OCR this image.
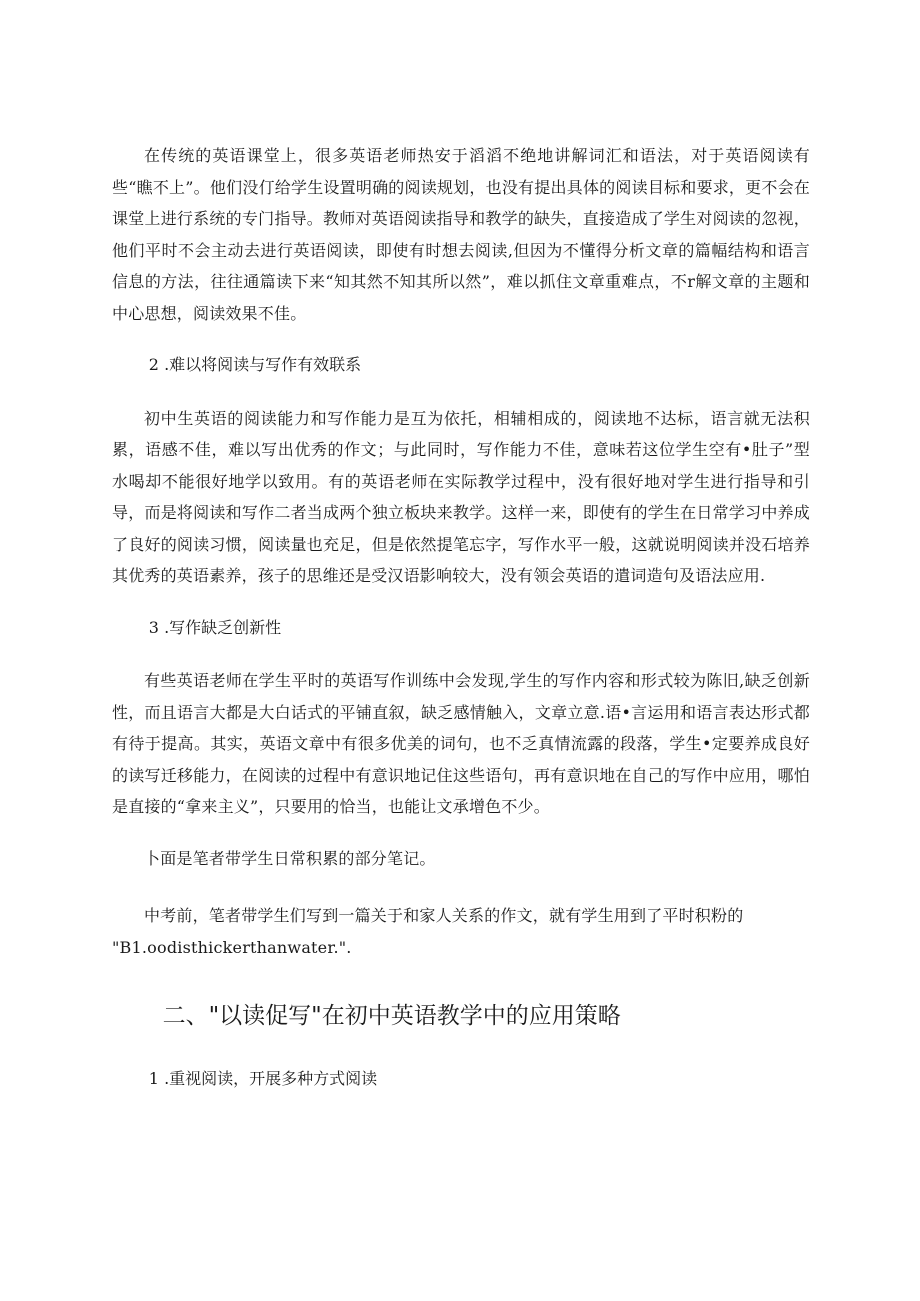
在传统的英语课堂上，很多英语老师热安于滔滔不绝地讲解词汇和语法，对于英语阅读有些“瞧不上”。他们没仃给学生设置明确的阅读规划，也没有提出具体的阅读目标和要求，更不会在课堂上进行系统的专门指导。教师对英语阅读指导和教学的缺失，直接造成了学生对阅读的忽视，他们平时不会主动去进行英语阅读，即使有时想去阅读,但因为不懂得分析文章的篇幅结构和语言信息的方法，往往通篇读下来“知其然不知其所以然”，难以抓住文章重难点，不r解文章的主题和中心思想，阅读效果不佳。

2 .难以将阅读与写作有效联系

初中生英语的阅读能力和写作能力是互为依托，相辅相成的，阅读地不达标，语言就无法积累，语感不佳，难以写出优秀的作文；与此同时，写作能力不佳，意味若这位学生空有•肚子”型水喝却不能很好地学以致用。有的英语老师在实际教学过程中，没有很好地对学生进行指导和引导，而是将阅读和写作二者当成两个独立板块来教学。这样一来，即使有的学生在日常学习中养成了良好的阅读习惯，阅读量也充足，但是依然提笔忘字，写作水平一般，这就说明阅读并没石培养其优秀的英语素养，孩子的思维还是受汉语影响较大，没有领会英语的遣词造句及语法应用.

3 .写作缺乏创新性

有些英语老师在学生平时的英语写作训练中会发现,学生的写作内容和形式较为陈旧,缺乏创新性，而且语言大都是大白话式的平铺直叙，缺乏感情触入，文章立意.语•言运用和语言表达形式都有待于提高。其实，英语文章中有很多优美的词句，也不乏真情流露的段落，学生•定要养成良好的读写迁移能力，在阅读的过程中有意识地记住这些语句，再有意识地在自己的写作中应用，哪怕是直接的“拿来主义”，只要用的恰当，也能让文承增色不少。

卜面是笔者带学生日常积累的部分笔记。

中考前，笔者带学生们写到一篇关于和家人关系的作文，就有学生用到了平时积粉的

"B1.oodisthickerthanwater.".

二、"以读促写"在初中英语教学中的应用策略

1 .重视阅读，开展多种方式阅读
